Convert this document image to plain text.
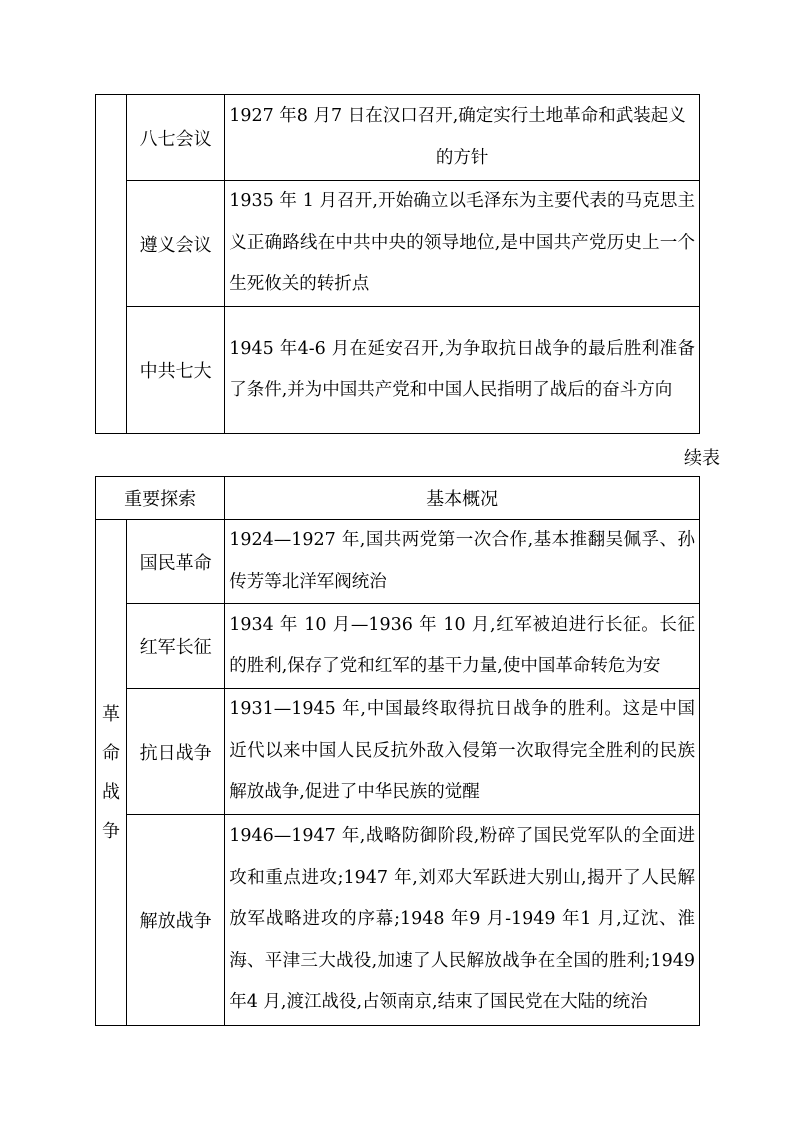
	八七会议	1927 年8 月7 日在汉口召开,确定实行土地革命和武装起义
的方针

	遵义会议	1935 年 1 月召开,开始确立以毛泽东为主要代表的马克思主义正确路线在中共中央的领导地位,是中国共产党历史上一个生死攸关的转折点
	中共七大	1945 年4-6 月在延安召开,为争取抗日战争的最后胜利准备了条件,并为中国共产党和中国人民指明了战后的奋斗方向
续表
重要探索		基本概况

革
命
战
争	国民革命	1924—1927 年,国共两党第一次合作,基本推翻吴佩孚、孙传芳等北洋军阀统治
	红军长征	1934 年 10 月—1936 年 10 月,红军被迫进行长征。长征的胜利,保存了党和红军的基干力量,使中国革命转危为安
	抗日战争	1931—1945 年,中国最终取得抗日战争的胜利。这是中国近代以来中国人民反抗外敌入侵第一次取得完全胜利的民族解放战争,促进了中华民族的觉醒
	解放战争	1946—1947 年,战略防御阶段,粉碎了国民党军队的全面进攻和重点进攻;1947 年,刘邓大军跃进大别山,揭开了人民解放军战略进攻的序幕;1948 年9 月-1949 年1 月,辽沈、淮海、平津三大战役,加速了人民解放战争在全国的胜利;1949 年4 月,渡江战役,占领南京,结束了国民党在大陆的统治
